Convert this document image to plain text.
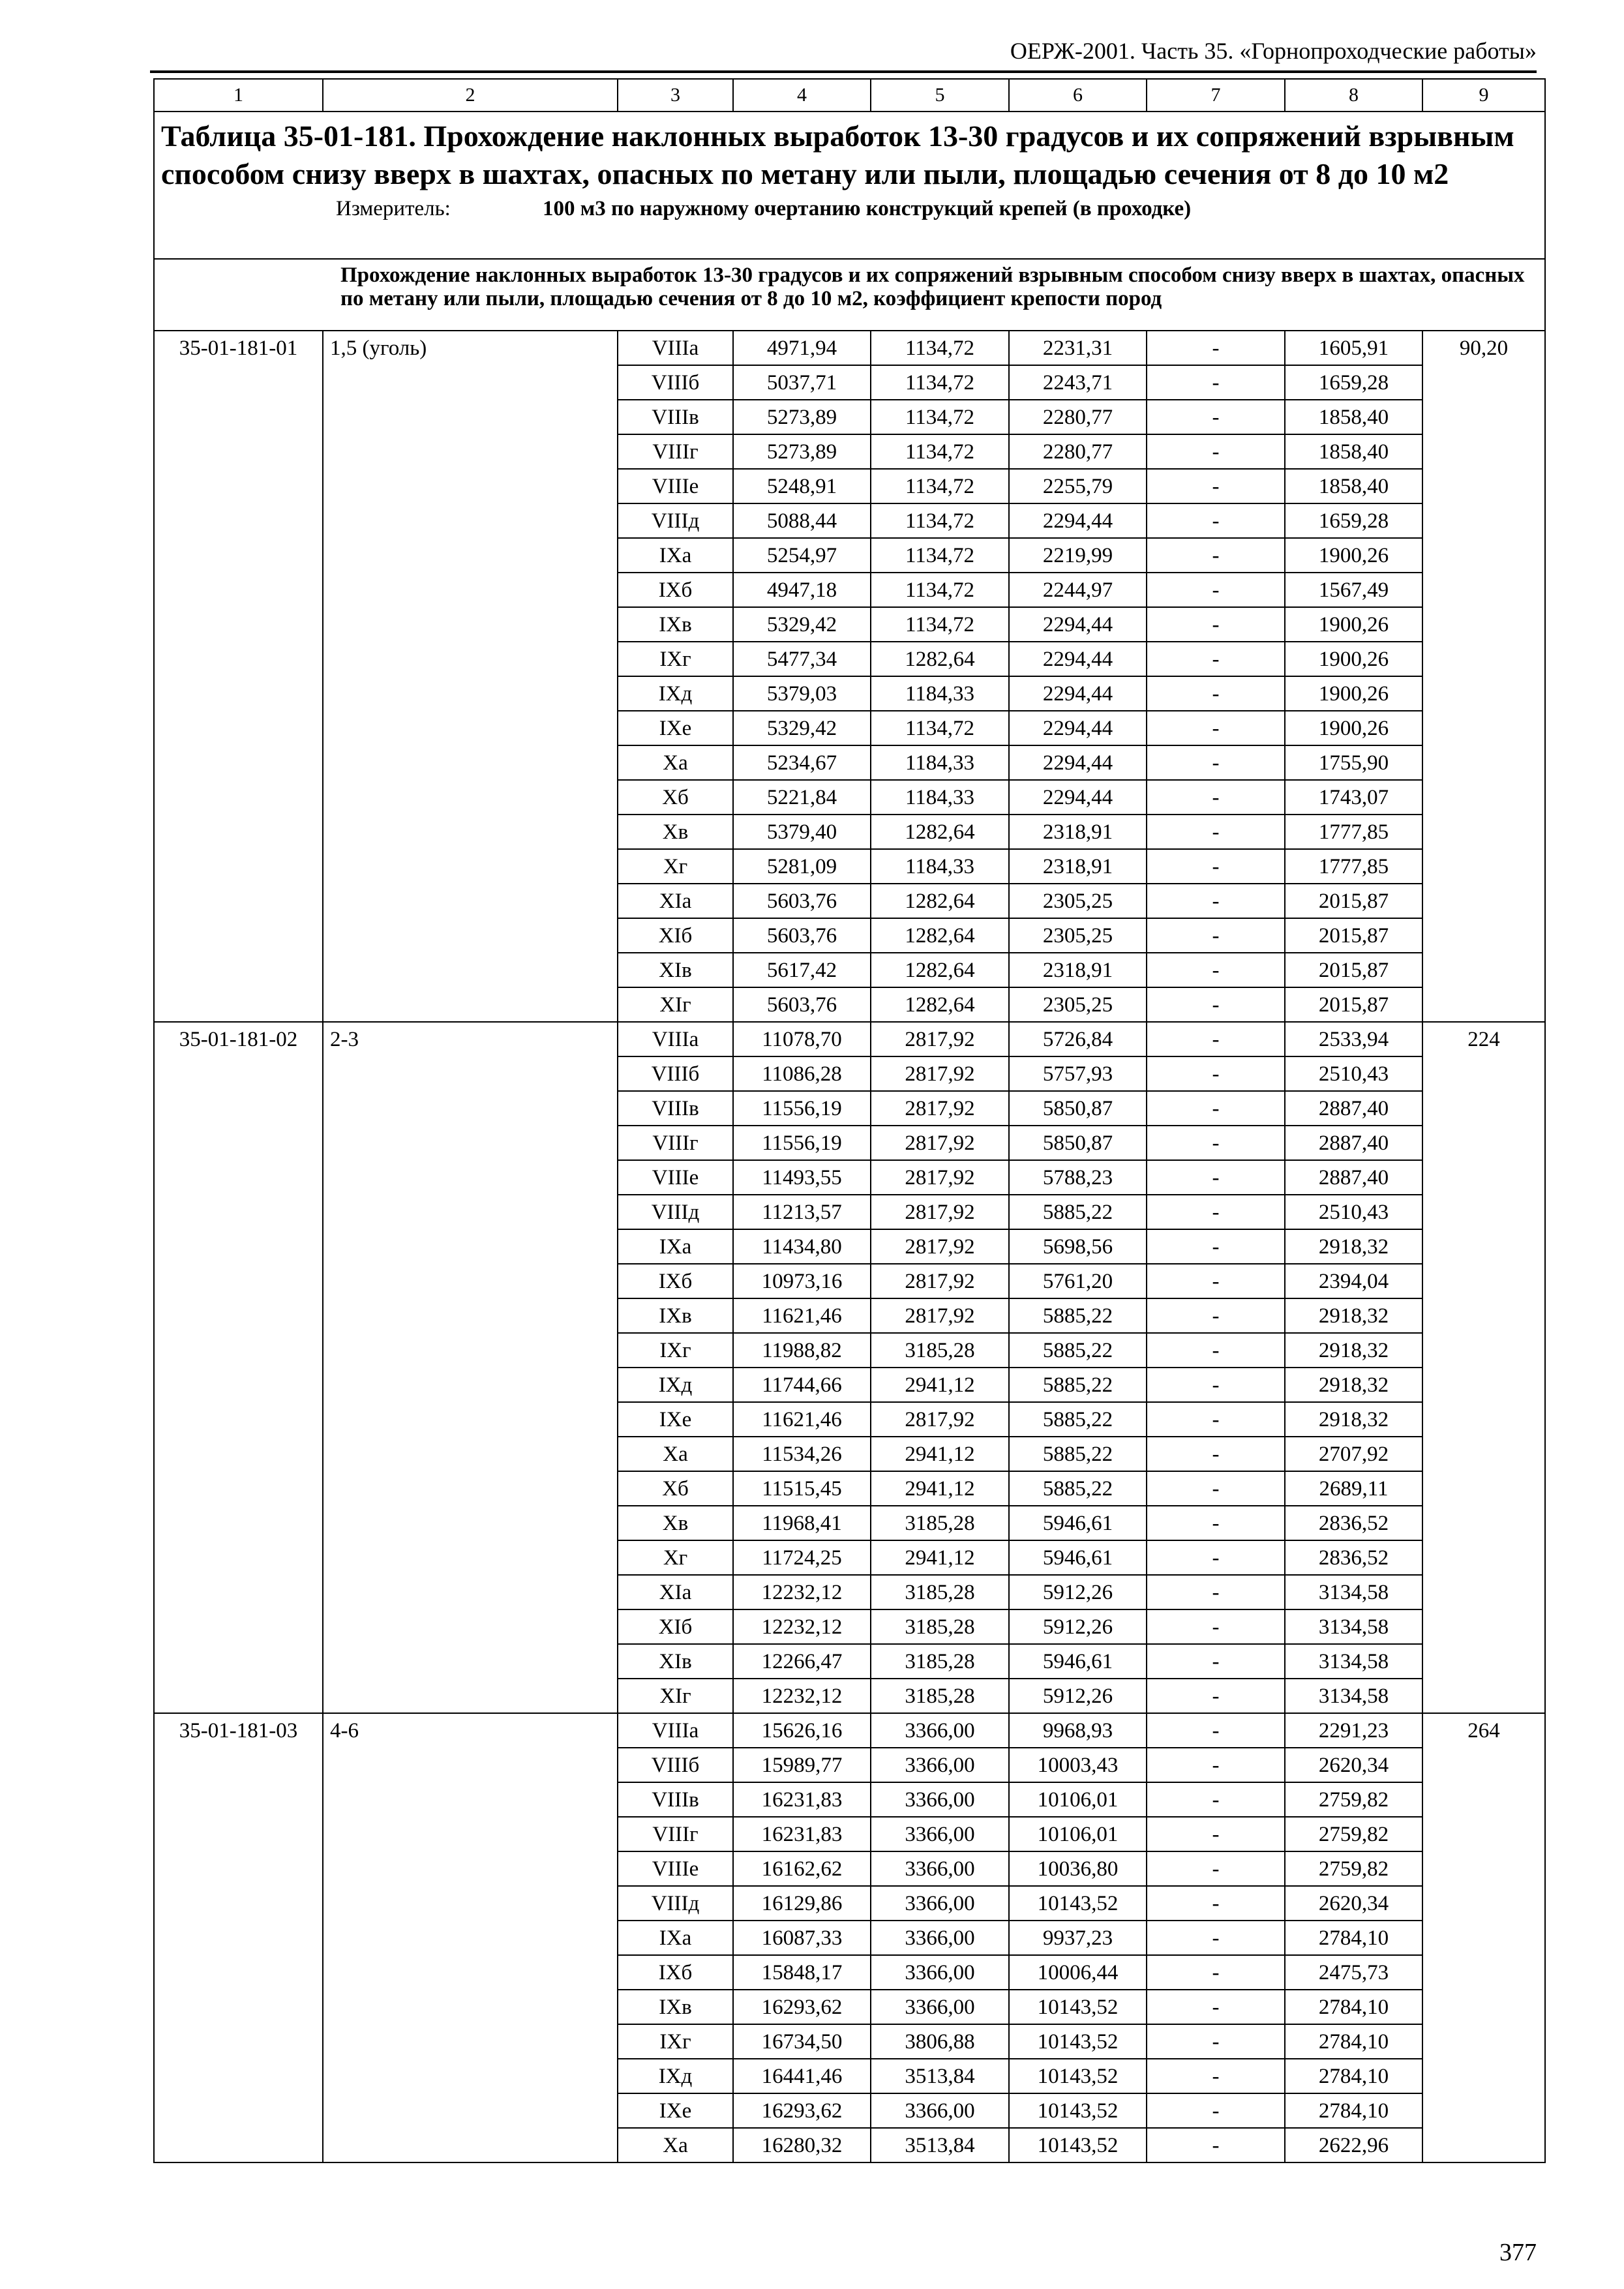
ОЕРЖ-2001. Часть 35. «Горнопроходческие работы»
1	2	3	4	5	6	7	8	9

Таблица 35-01-181. Прохождение наклонных выработок 13-30 градусов и их сопряжений взрывным способом снизу вверх в шахтах, опасных по метану или пыли, площадью сечения от 8 до 10 м2
Измеритель: 100 м3 по наружному очертанию конструкций крепей (в проходке)								

Прохождение наклонных выработок 13-30 градусов и их сопряжений взрывным способом снизу вверх в шахтах, опасных по метану или пыли, площадью сечения от 8 до 10 м2, коэффициент крепости пород								
35-01-181-01	1,5 (уголь)	VIIIа	4971,94	1134,72	2231,31	-	1605,91	90,20
		VIIIб	5037,71	1134,72	2243,71	-	1659,28	
		VIIIв	5273,89	1134,72	2280,77	-	1858,40	
		VIIIг	5273,89	1134,72	2280,77	-	1858,40	
		VIIIе	5248,91	1134,72	2255,79	-	1858,40	
		VIIIд	5088,44	1134,72	2294,44	-	1659,28	
		IXа	5254,97	1134,72	2219,99	-	1900,26	
		IXб	4947,18	1134,72	2244,97	-	1567,49	
		IXв	5329,42	1134,72	2294,44	-	1900,26	
		IXг	5477,34	1282,64	2294,44	-	1900,26	
		IXд	5379,03	1184,33	2294,44	-	1900,26	
		IXе	5329,42	1134,72	2294,44	-	1900,26	
		Xа	5234,67	1184,33	2294,44	-	1755,90	
		Xб	5221,84	1184,33	2294,44	-	1743,07	
		Xв	5379,40	1282,64	2318,91	-	1777,85	
		Xг	5281,09	1184,33	2318,91	-	1777,85	
		XIа	5603,76	1282,64	2305,25	-	2015,87	
		XIб	5603,76	1282,64	2305,25	-	2015,87	
		XIв	5617,42	1282,64	2318,91	-	2015,87	
		XIг	5603,76	1282,64	2305,25	-	2015,87	
35-01-181-02	2-3	VIIIа	11078,70	2817,92	5726,84	-	2533,94	224
		VIIIб	11086,28	2817,92	5757,93	-	2510,43	
		VIIIв	11556,19	2817,92	5850,87	-	2887,40	
		VIIIг	11556,19	2817,92	5850,87	-	2887,40	
		VIIIе	11493,55	2817,92	5788,23	-	2887,40	
		VIIIд	11213,57	2817,92	5885,22	-	2510,43	
		IXа	11434,80	2817,92	5698,56	-	2918,32	
		IXб	10973,16	2817,92	5761,20	-	2394,04	
		IXв	11621,46	2817,92	5885,22	-	2918,32	
		IXг	11988,82	3185,28	5885,22	-	2918,32	
		IXд	11744,66	2941,12	5885,22	-	2918,32	
		IXе	11621,46	2817,92	5885,22	-	2918,32	
		Xа	11534,26	2941,12	5885,22	-	2707,92	
		Xб	11515,45	2941,12	5885,22	-	2689,11	
		Xв	11968,41	3185,28	5946,61	-	2836,52	
		Xг	11724,25	2941,12	5946,61	-	2836,52	
		XIа	12232,12	3185,28	5912,26	-	3134,58	
		XIб	12232,12	3185,28	5912,26	-	3134,58	
		XIв	12266,47	3185,28	5946,61	-	3134,58	
		XIг	12232,12	3185,28	5912,26	-	3134,58	
35-01-181-03	4-6	VIIIа	15626,16	3366,00	9968,93	-	2291,23	264
		VIIIб	15989,77	3366,00	10003,43	-	2620,34	
		VIIIв	16231,83	3366,00	10106,01	-	2759,82	
		VIIIг	16231,83	3366,00	10106,01	-	2759,82	
		VIIIе	16162,62	3366,00	10036,80	-	2759,82	
		VIIIд	16129,86	3366,00	10143,52	-	2620,34	
		IXа	16087,33	3366,00	9937,23	-	2784,10	
		IXб	15848,17	3366,00	10006,44	-	2475,73	
		IXв	16293,62	3366,00	10143,52	-	2784,10	
		IXг	16734,50	3806,88	10143,52	-	2784,10	
		IXд	16441,46	3513,84	10143,52	-	2784,10	
		IXе	16293,62	3366,00	10143,52	-	2784,10	
		Xа	16280,32	3513,84	10143,52	-	2622,96	
377
